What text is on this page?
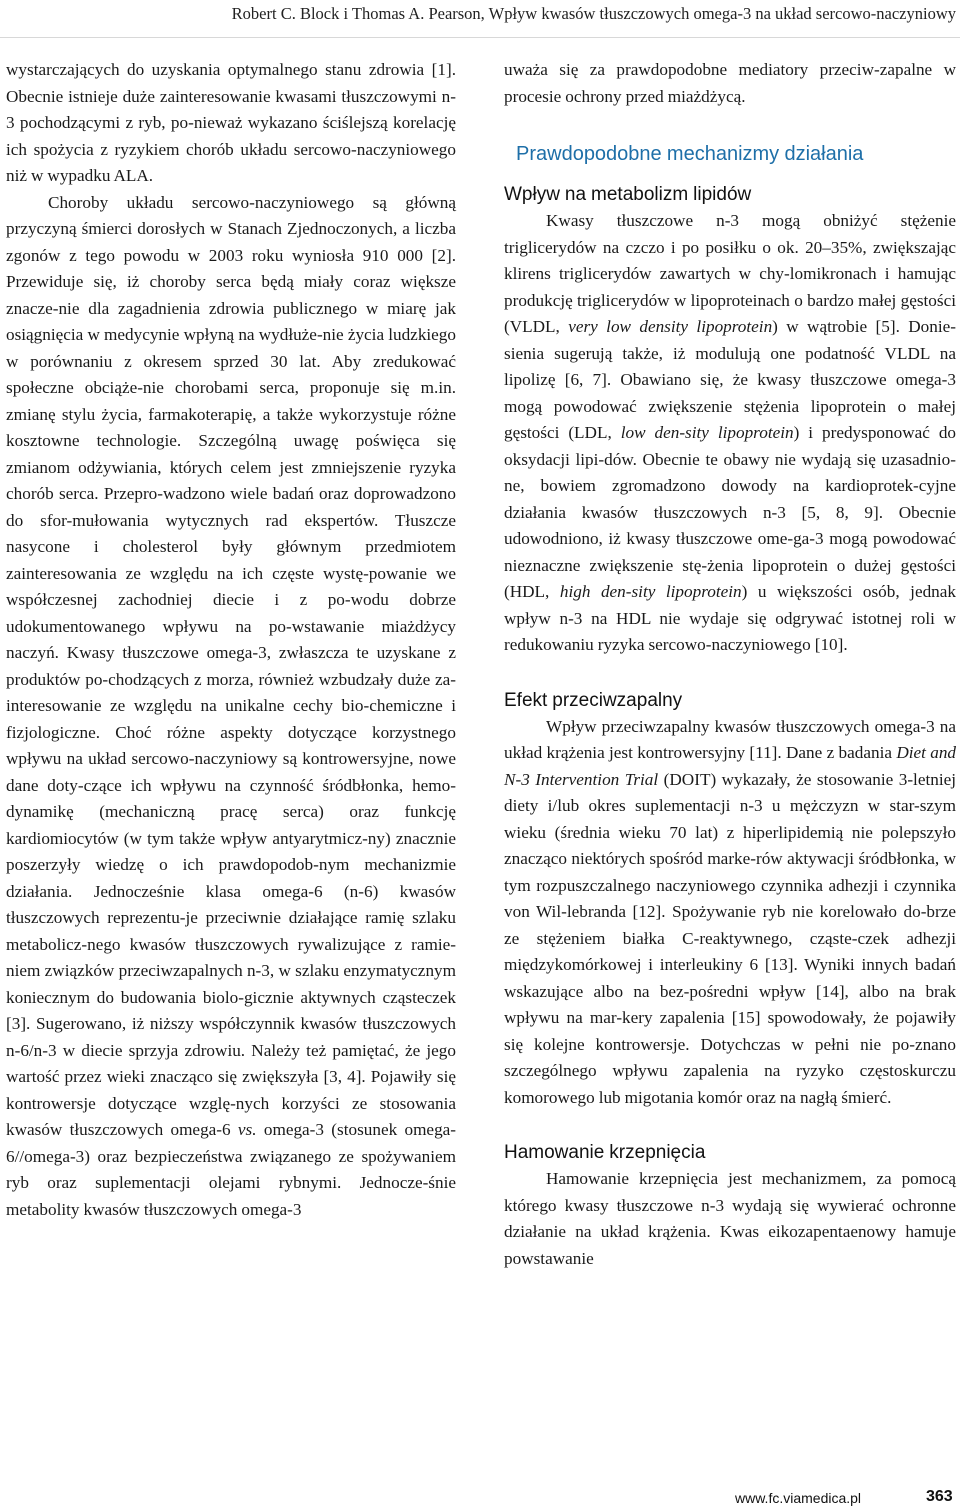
Robert C. Block i Thomas A. Pearson, Wpływ kwasów tłuszczowych omega-3 na układ sercowo-naczyniowy

wystarczających do uzyskania optymalnego stanu zdrowia [1]. Obecnie istnieje duże zainteresowanie kwasami tłuszczowymi n-3 pochodzącymi z ryb, po-nieważ wykazano ściślejszą korelację ich spożycia z ryzykiem chorób układu sercowo-naczyniowego niż w wypadku ALA.

Choroby układu sercowo-naczyniowego są główną przyczyną śmierci dorosłych w Stanach Zjednoczonych, a liczba zgonów z tego powodu w 2003 roku wyniosła 910 000 [2]. Przewiduje się, iż choroby serca będą miały coraz większe znacze-nie dla zagadnienia zdrowia publicznego w miarę jak osiągnięcia w medycynie wpłyną na wydłuże-nie życia ludzkiego w porównaniu z okresem sprzed 30 lat. Aby zredukować społeczne obciąże-nie chorobami serca, proponuje się m.in. zmianę stylu życia, farmakoterapię, a także wykorzystuje różne kosztowne technologie. Szczególną uwagę poświęca się zmianom odżywiania, których celem jest zmniejszenie ryzyka chorób serca. Przepro-wadzono wiele badań oraz doprowadzono do sfor-mułowania wytycznych rad ekspertów. Tłuszcze nasycone i cholesterol były głównym przedmiotem zainteresowania ze względu na ich częste wystę-powanie we współczesnej zachodniej diecie i z po-wodu dobrze udokumentowanego wpływu na po-wstawanie miażdżycy naczyń. Kwasy tłuszczowe omega-3, zwłaszcza te uzyskane z produktów po-chodzących z morza, również wzbudzały duże za-interesowanie ze względu na unikalne cechy bio-chemiczne i fizjologiczne. Choć różne aspekty dotyczące korzystnego wpływu na układ sercowo-naczyniowy są kontrowersyjne, nowe dane doty-czące ich wpływu na czynność śródbłonka, hemo-dynamikę (mechaniczną pracę serca) oraz funkcję kardiomiocytów (w tym także wpływ antyarytmicz-ny) znacznie poszerzyły wiedzę o ich prawdopodob-nym mechanizmie działania. Jednocześnie klasa omega-6 (n-6) kwasów tłuszczowych reprezentu-je przeciwnie działające ramię szlaku metabolicz-nego kwasów tłuszczowych rywalizujące z ramie-niem związków przeciwzapalnych n-3, w szlaku enzymatycznym koniecznym do budowania biolo-gicznie aktywnych cząsteczek [3]. Sugerowano, iż niższy współczynnik kwasów tłuszczowych n-6/n-3 w diecie sprzyja zdrowiu. Należy też pamiętać, że jego wartość przez wieki znacząco się zwiększyła [3, 4]. Pojawiły się kontrowersje dotyczące wzglę-nych korzyści ze stosowania kwasów tłuszczowych omega-6 vs. omega-3 (stosunek omega-6//omega-3) oraz bezpieczeństwa związanego ze spożywaniem ryb oraz suplementacji olejami rybnymi. Jednocze-śnie metabolity kwasów tłuszczowych omega-3

uważa się za prawdopodobne mediatory przeciw-zapalne w procesie ochrony przed miażdżycą.

Prawdopodobne mechanizmy działania
Wpływ na metabolizm lipidów

Kwasy tłuszczowe n-3 mogą obniżyć stężenie triglicerydów na czczo i po posiłku o ok. 20–35%, zwiększając klirens triglicerydów zawartych w chy-lomikronach i hamując produkcję triglicerydów w lipoproteinach o bardzo małej gęstości (VLDL, very low density lipoprotein) w wątrobie [5]. Donie-sienia sugerują także, iż modulują one podatność VLDL na lipolizę [6, 7]. Obawiano się, że kwasy tłuszczowe omega-3 mogą powodować zwiększenie stężenia lipoprotein o małej gęstości (LDL, low den-sity lipoprotein) i predysponować do oksydacji lipi-dów. Obecnie te obawy nie wydają się uzasadnio-ne, bowiem zgromadzono dowody na kardioprotek-cyjne działania kwasów tłuszczowych n-3 [5, 8, 9]. Obecnie udowodniono, iż kwasy tłuszczowe ome-ga-3 mogą powodować nieznaczne zwiększenie stę-żenia lipoprotein o dużej gęstości (HDL, high den-sity lipoprotein) u większości osób, jednak wpływ n-3 na HDL nie wydaje się odgrywać istotnej roli w redukowaniu ryzyka sercowo-naczyniowego [10].

Efekt przeciwzapalny

Wpływ przeciwzapalny kwasów tłuszczowych omega-3 na układ krążenia jest kontrowersyjny [11]. Dane z badania Diet and N-3 Intervention Trial (DOIT) wykazały, że stosowanie 3-letniej diety i/lub okres suplementacji n-3 u mężczyzn w star-szym wieku (średnia wieku 70 lat) z hiperlipidemią nie polepszyło znacząco niektórych spośród marke-rów aktywacji śródbłonka, w tym rozpuszczalnego naczyniowego czynnika adhezji i czynnika von Wil-lebranda [12]. Spożywanie ryb nie korelowało do-brze ze stężeniem białka C-reaktywnego, cząste-czek adhezji międzykomórkowej i interleukiny 6 [13]. Wyniki innych badań wskazujące albo na bez-pośredni wpływ [14], albo na brak wpływu na mar-kery zapalenia [15] spowodowały, że pojawiły się kolejne kontrowersje. Dotychczas w pełni nie po-znano szczególnego wpływu zapalenia na ryzyko częstoskurczu komorowego lub migotania komór oraz na nagłą śmierć.

Hamowanie krzepnięcia

Hamowanie krzepnięcia jest mechanizmem, za pomocą którego kwasy tłuszczowe n-3 wydają się wywierać ochronne działanie na układ krążenia. Kwas eikozapentaenowy hamuje powstawanie

www.fc.viamedica.pl	363
